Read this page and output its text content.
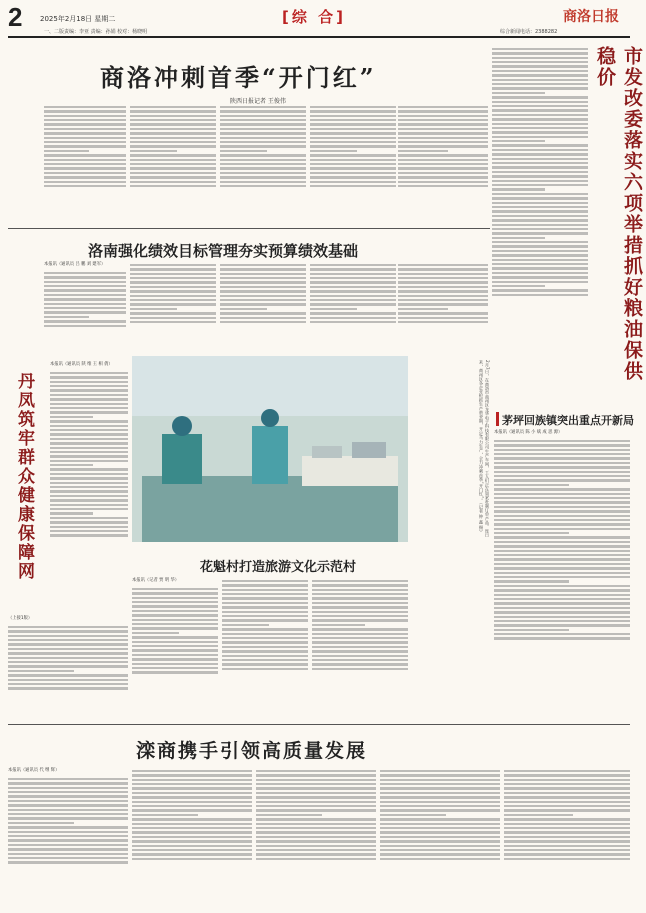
2	2025年2月18日 星期二	[综 合]	商洛日报
一、二版责编：李亚 责编：孙娟 校对：杨晓明	综合新闻电话：2388282
商洛冲刺首季“开门红”
陕西日报记者 王俊伟	市发改委落实六项举措抓好粮油保供稳价
洛南强化绩效目标管理夯实预算绩效基础
本报讯（通讯员 吕 鹏 刘 建军）
丹凤筑牢群众健康保障网
本报讯（通讯员 陕 维 王 相 倩）	2月7日，在商洛市商州区龙华电子科技有限公司生产车间，工人们正在加紧赶制订单产品。连日来，商州区各企业抢抓生产黄金期，开足马力生产，全力冲刺首季“开门红”。（记者 钟 鑫 摄）
花魁村打造旅游文化示范村
本报讯（记者 贾 明 华）
（上接1版）
茅坪回族镇突出重点开新局
本报讯（通讯员 陈 小 斌 成 思 源）
滦商携手引领高质量发展
本报讯（通讯员 代 继 辉）
